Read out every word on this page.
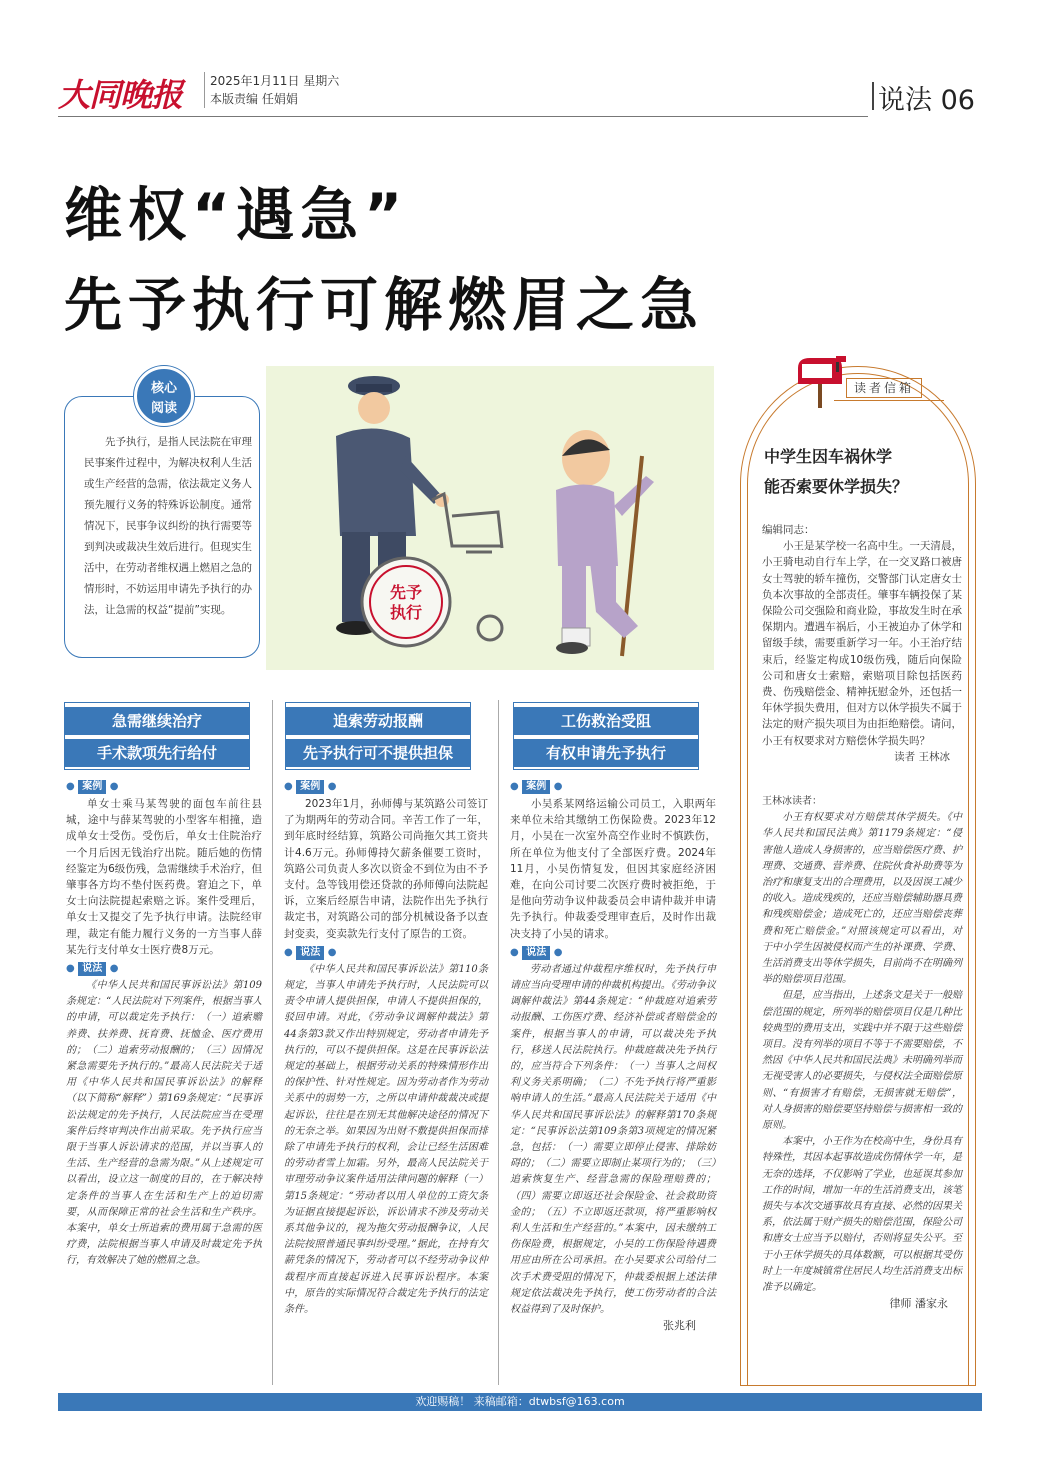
大同晚报	2025年1月11日 星期六
本版责编 任娟娟	说法 06
维权“遇急”
先予执行可解燃眉之急
核心
阅读
先予执行，是指人民法院在审理民事案件过程中，为解决权利人生活或生产经营的急需，依法裁定义务人预先履行义务的特殊诉讼制度。通常情况下，民事争议纠纷的执行需要等到判决或裁决生效后进行。但现实生活中，在劳动者维权遇上燃眉之急的情形时，不妨运用申请先予执行的办法，让急需的权益“提前”实现。
先予
执行
急需继续治疗
手术款项先行给付
追索劳动报酬
先予执行可不提供担保
工伤救治受阻
有权申请先予执行
● 案例 ●

单女士乘马某驾驶的面包车前往县城，途中与薛某驾驶的小型客车相撞，造成单女士受伤。受伤后，单女士住院治疗一个月后因无钱治疗出院。随后她的伤情经鉴定为6级伤残，急需继续手术治疗，但肇事各方均不垫付医药费。窘迫之下，单女士向法院提起索赔之诉。案件受理后，单女士又提交了先予执行申请。法院经审理，裁定有能力履行义务的一方当事人薛某先行支付单女士医疗费8万元。

● 说法 ●

《中华人民共和国民事诉讼法》第109条规定：“人民法院对下列案件，根据当事人的申请，可以裁定先予执行：（一）追索赡养费、扶养费、抚育费、抚恤金、医疗费用的；（二）追索劳动报酬的；（三）因情况紧急需要先予执行的。”最高人民法院关于适用《中华人民共和国民事诉讼法》的解释（以下简称“解释”）第169条规定：“民事诉讼法规定的先予执行，人民法院应当在受理案件后终审判决作出前采取。先予执行应当限于当事人诉讼请求的范围，并以当事人的生活、生产经营的急需为限。”从上述规定可以看出，设立这一制度的目的，在于解决特定条件的当事人在生活和生产上的迫切需要，从而保障正常的社会生活和生产秩序。本案中，单女士所追索的费用属于急需的医疗费，法院根据当事人申请及时裁定先予执行，有效解决了她的燃眉之急。

● 案例 ●

2023年1月，孙师傅与某筑路公司签订了为期两年的劳动合同。辛苦工作了一年，到年底时经结算，筑路公司尚拖欠其工资共计4.6万元。孙师傅持欠薪条催要工资时，筑路公司负责人多次以资金不到位为由不予支付。急等钱用偿还贷款的孙师傅向法院起诉，立案后经原告申请，法院作出先予执行裁定书，对筑路公司的部分机械设备予以查封变卖，变卖款先行支付了原告的工资。

● 说法 ●

《中华人民共和国民事诉讼法》第110条规定，当事人申请先予执行时，人民法院可以责令申请人提供担保，申请人不提供担保的，驳回申请。对此，《劳动争议调解仲裁法》第44条第3款又作出特别规定，劳动者申请先予执行的，可以不提供担保。这是在民事诉讼法规定的基础上，根据劳动关系的特殊情形作出的保护性、针对性规定。因为劳动者作为劳动关系中的弱势一方，之所以申请仲裁裁决或提起诉讼，往往是在别无其他解决途径的情况下的无奈之举。如果因为出财不敷提供担保而排除了申请先予执行的权利，会让已经生活困难的劳动者雪上加霜。另外，最高人民法院关于审理劳动争议案件适用法律问题的解释（一）第15条规定：“劳动者以用人单位的工资欠条为证据直接提起诉讼，诉讼请求不涉及劳动关系其他争议的，视为拖欠劳动报酬争议，人民法院按照普通民事纠纷受理。”据此，在持有欠薪凭条的情况下，劳动者可以不经劳动争议仲裁程序而直接起诉进入民事诉讼程序。本案中，原告的实际情况符合裁定先予执行的法定条件。

● 案例 ●

小吴系某网络运输公司员工，入职两年来单位未给其缴纳工伤保险费。2023年12月，小吴在一次室外高空作业时不慎跌伤，所在单位为他支付了全部医疗费。2024年11月，小吴伤情复发，但因其家庭经济困难，在向公司讨要二次医疗费时被拒绝，于是他向劳动争议仲裁委员会申请仲裁并申请先予执行。仲裁委受理审查后，及时作出裁决支持了小吴的请求。

● 说法 ●

劳动者通过仲裁程序维权时，先予执行申请应当向受理申请的仲裁机构提出。《劳动争议调解仲裁法》第44条规定：“仲裁庭对追索劳动报酬、工伤医疗费、经济补偿或者赔偿金的案件，根据当事人的申请，可以裁决先予执行，移送人民法院执行。仲裁庭裁决先予执行的，应当符合下列条件：（一）当事人之间权利义务关系明确；（二）不先予执行将严重影响申请人的生活。”最高人民法院关于适用《中华人民共和国民事诉讼法》的解释第170条规定：“民事诉讼法第109条第3项规定的情况紧急，包括：（一）需要立即停止侵害、排除妨碍的；（二）需要立即制止某项行为的；（三）追索恢复生产、经营急需的保险理赔费的；（四）需要立即返还社会保险金、社会救助资金的；（五）不立即返还款项，将严重影响权利人生活和生产经营的。”本案中，因未缴纳工伤保险费，根据规定，小吴的工伤保险待遇费用应由所在公司承担。在小吴要求公司给付二次手术费受阻的情况下，仲裁委根据上述法律规定依法裁决先予执行，使工伤劳动者的合法权益得到了及时保护。

张兆利

读者信箱
中学生因车祸休学
能否索要休学损失？

编辑同志：

小王是某学校一名高中生。一天清晨，小王骑电动自行车上学，在一交叉路口被唐女士驾驶的轿车撞伤，交警部门认定唐女士负本次事故的全部责任。肇事车辆投保了某保险公司交强险和商业险，事故发生时在承保期内。遭遇车祸后，小王被迫办了休学和留级手续，需要重新学习一年。小王治疗结束后，经鉴定构成10级伤残，随后向保险公司和唐女士索赔，索赔项目除包括医药费、伤残赔偿金、精神抚慰金外，还包括一年休学损失费用，但对方以休学损失不属于法定的财产损失项目为由拒绝赔偿。请问，小王有权要求对方赔偿休学损失吗？

读者 王林冰

王林冰读者：

小王有权要求对方赔偿其休学损失。《中华人民共和国民法典》第1179条规定：“侵害他人造成人身损害的，应当赔偿医疗费、护理费、交通费、营养费、住院伙食补助费等为治疗和康复支出的合理费用，以及因误工减少的收入。造成残疾的，还应当赔偿辅助器具费和残疾赔偿金；造成死亡的，还应当赔偿丧葬费和死亡赔偿金。”对照该规定可以看出，对于中小学生因被侵权而产生的补课费、学费、生活消费支出等休学损失，目前尚不在明确列举的赔偿项目范围。

但是，应当指出，上述条文是关于一般赔偿范围的规定，所列举的赔偿项目仅是几种比较典型的费用支出，实践中并不限于这些赔偿项目。没有列举的项目不等于不需要赔偿，不然因《中华人民共和国民法典》未明确列举而无视受害人的必要损失，与侵权法全面赔偿原则、“有损害才有赔偿，无损害就无赔偿”，对人身损害的赔偿要坚持赔偿与损害相一致的原则。

本案中，小王作为在校高中生，身份具有特殊性，其因本起事故造成伤情休学一年，是无奈的选择，不仅影响了学业，也延误其参加工作的时间，增加一年的生活消费支出，该笔损失与本次交通事故具有直接、必然的因果关系，依法属于财产损失的赔偿范围，保险公司和唐女士应当予以赔付，否则将显失公平。至于小王休学损失的具体数额，可以根据其受伤时上一年度城镇常住居民人均生活消费支出标准予以确定。

律师 潘家永

欢迎赐稿！ 来稿邮箱：dtwbsf@163.com
